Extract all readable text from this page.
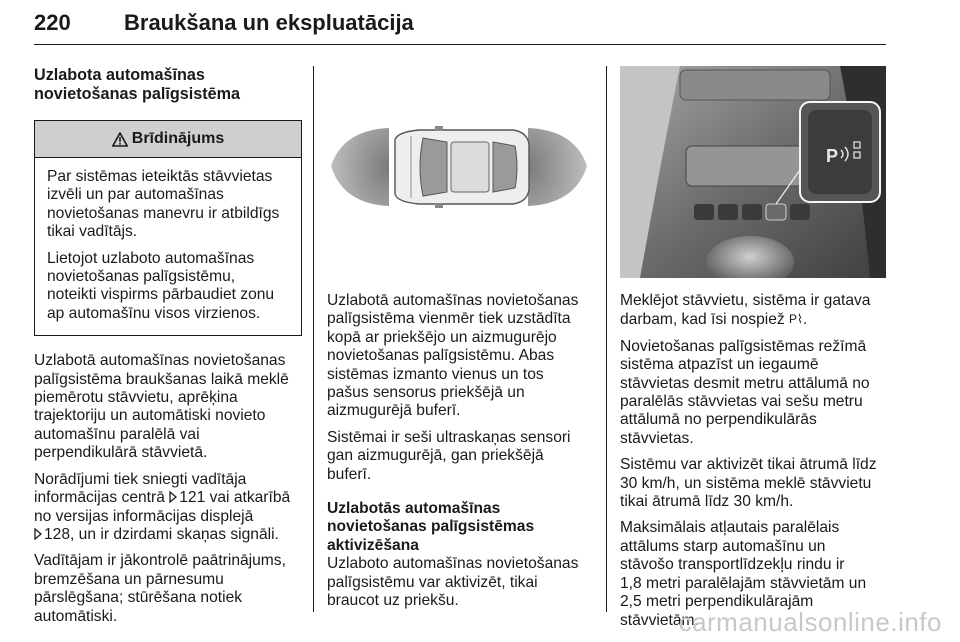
220 Braukšana un ekspluatācija
Uzlabota automašīnas
novietošanas palīgsistēma
Brīdinājums

Par sistēmas ieteiktās stāvvietas
izvēli un par automašīnas
novietošanas manevru ir atbildīgs
tikai vadītājs.

Lietojot uzlaboto automašīnas
novietošanas palīgsistēmu,
noteikti vispirms pārbaudiet zonu
ap automašīnu visos virzienos.

Uzlabotā automašīnas novietošanas
palīgsistēma braukšanas laikā meklē
piemērotu stāvvietu, aprēķina
trajektoriju un automātiski novieto
automašīnu paralēlā vai
perpendikulārā stāvvietā.

Norādījumi tiek sniegti vadītāja
informācijas centrā 121 vai atkarībā
no versijas informācijas displejā
128, un ir dzirdami skaņas signāli.

Vadītājam ir jākontrolē paātrinājums,
bremzēšana un pārnesumu
pārslēgšana; stūrēšana notiek
automātiski.

Uzlabotā automašīnas novietošanas
palīgsistēma vienmēr tiek uzstādīta
kopā ar priekšējo un aizmugurējo
novietošanas palīgsistēmu. Abas
sistēmas izmanto vienus un tos
pašus sensorus priekšējā un
aizmugurējā buferī.

Sistēmai ir seši ultraskaņas sensori
gan aizmugurējā, gan priekšējā
buferī.

Uzlabotās automašīnas
novietošanas palīgsistēmas
aktivizēšana

Uzlaboto automašīnas novietošanas
palīgsistēmu var aktivizēt, tikai
braucot uz priekšu.

P

Meklējot stāvvietu, sistēma ir gatava
darbam, kad īsi nospiež P⌇.

Novietošanas palīgsistēmas režīmā
sistēma atpazīst un iegaumē
stāvvietas desmit metru attālumā no
paralēlās stāvvietas vai sešu metru
attālumā no perpendikulārās
stāvvietas.

Sistēmu var aktivizēt tikai ātrumā līdz
30 km/h, un sistēma meklē stāvvietu
tikai ātrumā līdz 30 km/h.

Maksimālais atļautais paralēlais
attālums starp automašīnu un
stāvošo transportlīdzekļu rindu ir
1,8 metri paralēlajām stāvvietām un
2,5 metri perpendikulārajām
stāvvietām.

carmanualsonline.info
